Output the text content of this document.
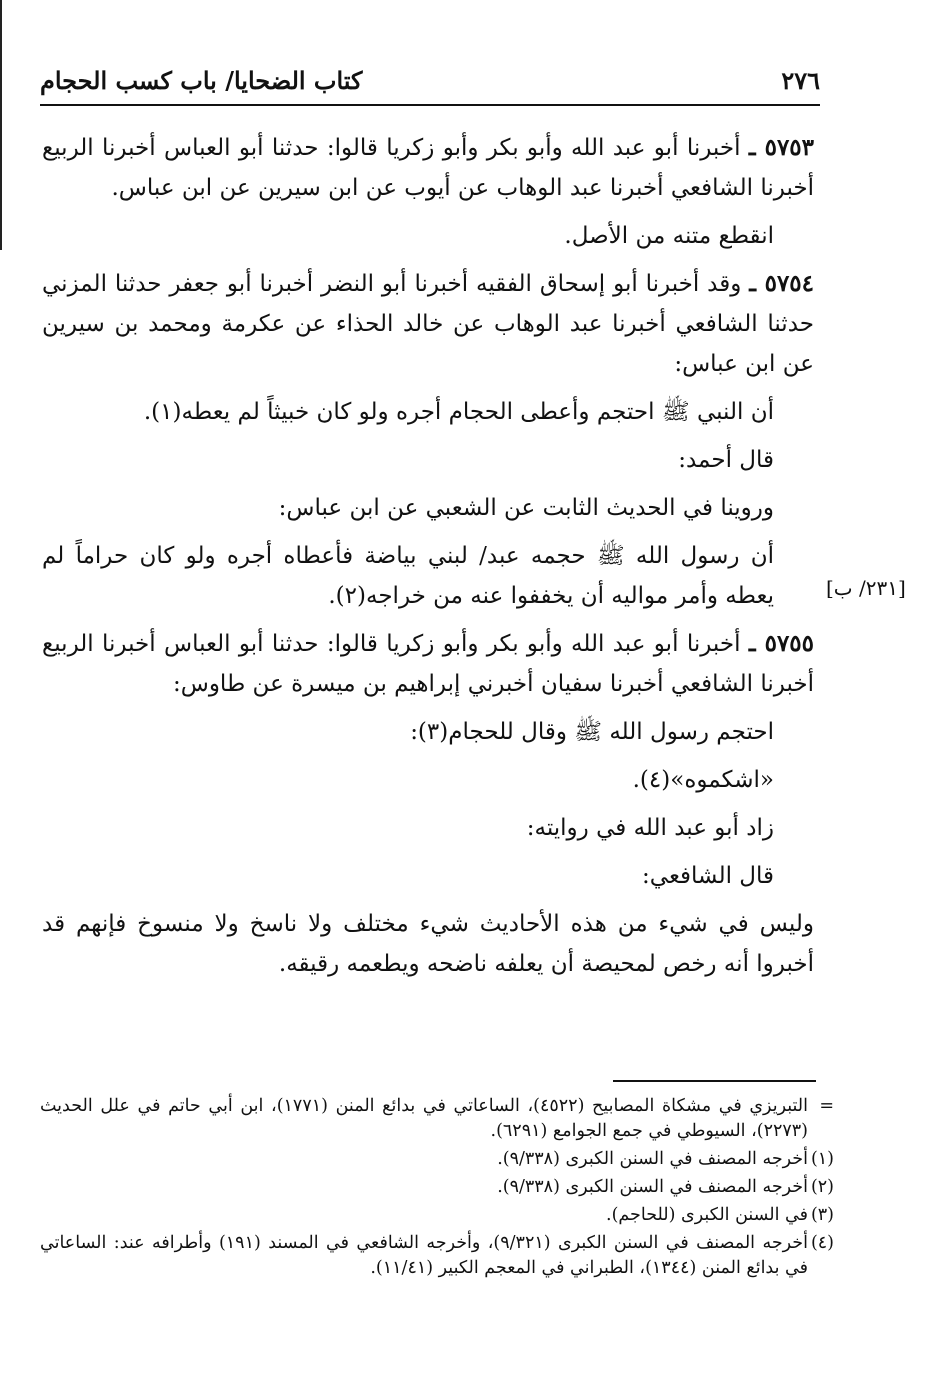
٢٧٦
كتاب الضحايا/ باب كسب الحجام

٥٧٥٣ ـ أخبرنا أبو عبد الله وأبو بكر وأبو زكريا قالوا: حدثنا أبو العباس أخبرنا الربيع أخبرنا الشافعي أخبرنا عبد الوهاب عن أيوب عن ابن سيرين عن ابن عباس.

انقطع متنه من الأصل.

٥٧٥٤ ـ وقد أخبرنا أبو إسحاق الفقيه أخبرنا أبو النضر أخبرنا أبو جعفر حدثنا المزني حدثنا الشافعي أخبرنا عبد الوهاب عن خالد الحذاء عن عكرمة ومحمد بن سيرين عن ابن عباس:

أن النبي ﷺ احتجم وأعطى الحجام أجره ولو كان خبيثاً لم يعطه(١).

قال أحمد:

وروينا في الحديث الثابت عن الشعبي عن ابن عباس:

أن رسول الله ﷺ حجمه عبد/ لبني بياضة فأعطاه أجره ولو كان حراماً لم يعطه وأمر مواليه أن يخففوا عنه من خراجه(٢).

٥٧٥٥ ـ أخبرنا أبو عبد الله وأبو بكر وأبو زكريا قالوا: حدثنا أبو العباس أخبرنا الربيع أخبرنا الشافعي أخبرنا سفيان أخبرني إبراهيم بن ميسرة عن طاوس:

احتجم رسول الله ﷺ وقال للحجام(٣):

«اشكموه»(٤).

زاد أبو عبد الله في روايته:

قال الشافعي:

وليس في شيء من هذه الأحاديث شيء مختلف ولا ناسخ ولا منسوخ فإنهم قد أخبروا أنه رخص لمحيصة أن يعلفه ناضحه ويطعمه رقيقه.

[٢٣١/ ب]

=
التبريزي في مشكاة المصابيح (٤٥٢٢)، الساعاتي في بدائع المنن (١٧٧١)، ابن أبي حاتم في علل الحديث (٢٢٧٣)، السيوطي في جمع الجوامع (٦٢٩١).

(١)
أخرجه المصنف في السنن الكبرى (٩/٣٣٨).

(٢)
أخرجه المصنف في السنن الكبرى (٩/٣٣٨).

(٣)
في السنن الكبرى (للحاجم).

(٤)
أخرجه المصنف في السنن الكبرى (٩/٣٢١)، وأخرجه الشافعي في المسند (١٩١) وأطرافه عند: الساعاتي في بدائع المنن (١٣٤٤)، الطبراني في المعجم الكبير (١١/٤١).
